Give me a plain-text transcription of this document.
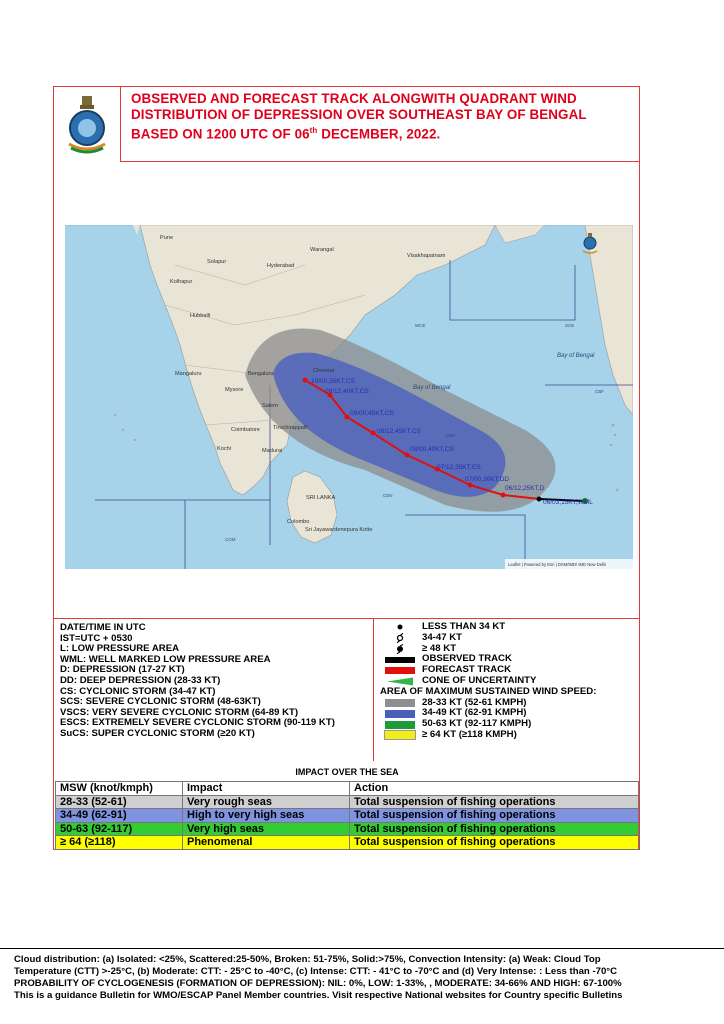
OBSERVED AND FORECAST TRACK ALONGWITH QUADRANT WIND
DISTRIBUTION OF DEPRESSION OVER SOUTHEAST BAY OF BENGAL
BASED ON 1200 UTC OF 06th DECEMBER, 2022.
10/00,35KT,CS
09/12,40KT,CS
09/00,45KT,CS
08/12,45KT,CS
08/00,40KT,CS
07/12,35KT,CS
07/00,30KT,DD
06/12,25KT,D
06/03,15KT,WML
Pune
Solapur
Kolhapur
Hyderabad
Warangal
Visakhapatnam
Hubballi
Mangaluru	Bengaluru	Chennai
Mysore
Salem
Coimbatore Tiruchirappalli
Madurai
Kochi
SRI LANKA
Colombo
Sri Jayawardenepura Kotte
Bay of Bengal
Bay of Bengal
SCE
WCE
SWB
CEN
COM
CBF
Leaflet | Powered by Esri | DSM/IMD/ IMD New Delhi
DATE/TIME IN UTC
IST=UTC + 0530
L: LOW PRESSURE AREA
WML: WELL MARKED LOW PRESSURE AREA
D: DEPRESSION (17-27 KT)
DD: DEEP DEPRESSION (28-33 KT)
CS: CYCLONIC STORM (34-47 KT)
SCS: SEVERE CYCLONIC STORM (48-63KT)
VSCS: VERY SEVERE CYCLONIC STORM (64-89 KT)
ESCS: EXTREMELY SEVERE CYCLONIC STORM (90-119 KT)
SuCS: SUPER CYCLONIC STORM (≥20 KT)
LESS THAN 34 KT
34-47 KT
≥ 48 KT
OBSERVED TRACK
FORECAST TRACK
CONE OF UNCERTAINTY
AREA OF MAXIMUM SUSTAINED WIND SPEED:
28-33 KT (52-61 KMPH)
34-49 KT (62-91 KMPH)
50-63 KT (92-117 KMPH)
≥ 64 KT (≥118 KMPH)
IMPACT OVER THE SEA		
MSW (knot/kmph)	Impact	Action
28-33 (52-61)	Very rough seas	Total suspension of fishing operations
34-49 (62-91)	High to very high seas	Total suspension of fishing operations
50-63 (92-117)	Very high seas	Total suspension of fishing operations
≥ 64 (≥118)	Phenomenal	Total suspension of fishing operations
Cloud distribution: (a) Isolated: <25%, Scattered:25-50%, Broken: 51-75%, Solid:>75%, Convection Intensity: (a) Weak: Cloud Top
Temperature (CTT) >-25°C, (b) Moderate: CTT: - 25°C to -40°C, (c) Intense: CTT: - 41°C to -70°C and (d) Very Intense: : Less than -70°C
PROBABILITY OF CYCLOGENESIS (FORMATION OF DEPRESSION): NIL: 0%, LOW: 1-33%, , MODERATE: 34-66% AND HIGH: 67-100%
This is a guidance Bulletin for WMO/ESCAP Panel Member countries. Visit respective National websites for Country specific Bulletins
